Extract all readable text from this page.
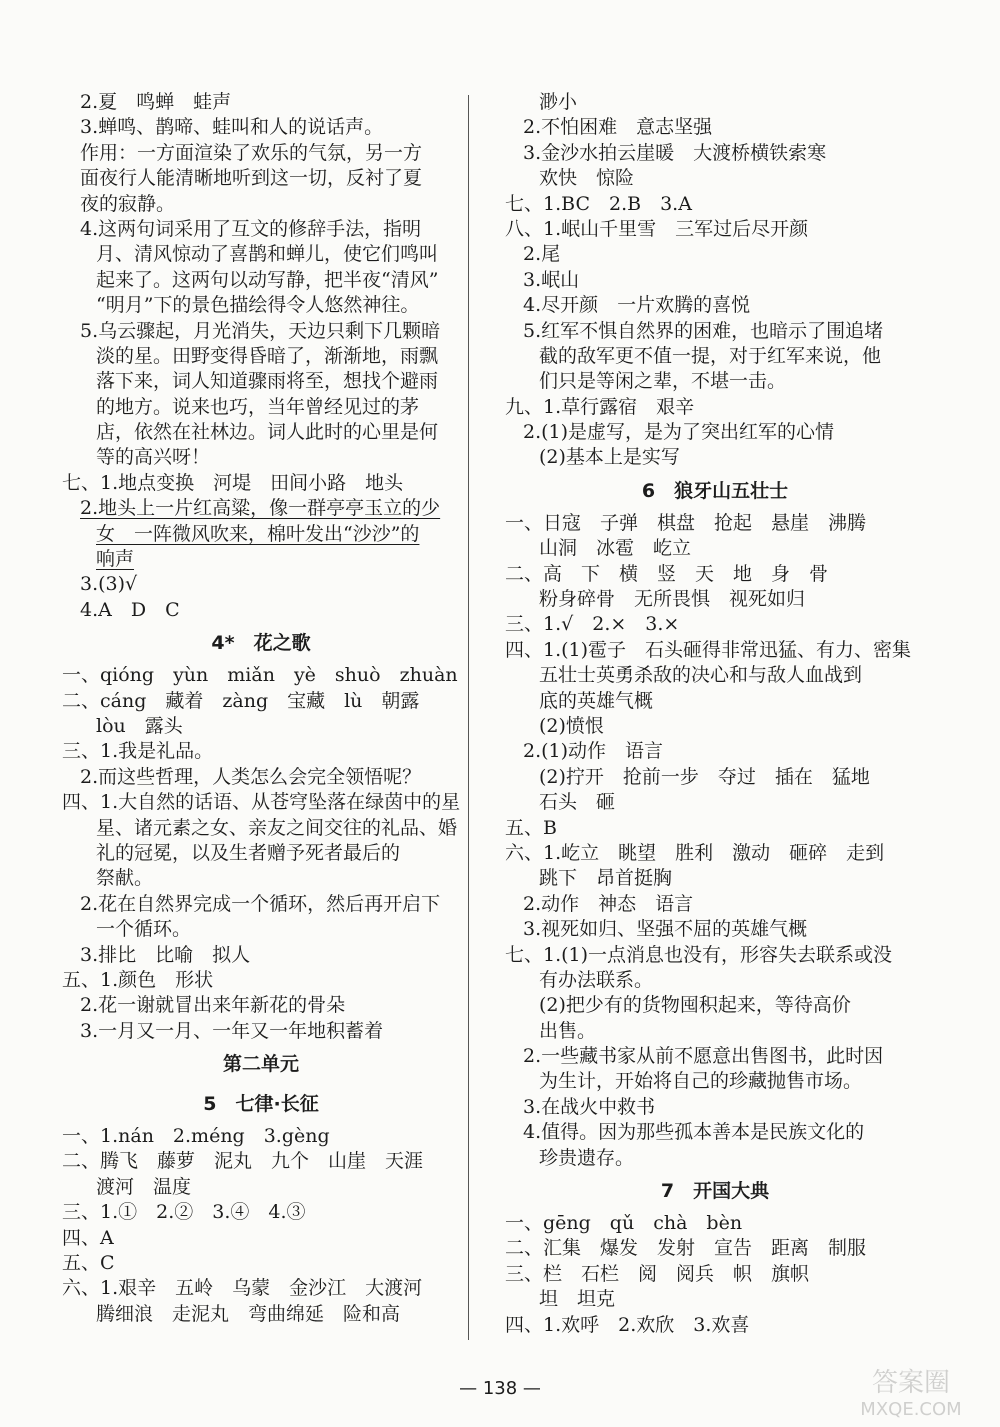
2.夏　鸣蝉　蛙声
3.蝉鸣、鹊啼、蛙叫和人的说话声。
作用：一方面渲染了欢乐的气氛，另一方
面夜行人能清晰地听到这一切，反衬了夏
夜的寂静。
4.这两句词采用了互文的修辞手法，指明
月、清风惊动了喜鹊和蝉儿，使它们鸣叫
起来了。这两句以动写静，把半夜“清风”
“明月”下的景色描绘得令人悠然神往。
5.乌云骤起，月光消失，天边只剩下几颗暗
淡的星。田野变得昏暗了，渐渐地，雨飘
落下来，词人知道骤雨将至，想找个避雨
的地方。说来也巧，当年曾经见过的茅
店，依然在社林边。词人此时的心里是何
等的高兴呀！
七、1.地点变换　河堤　田间小路　地头
2.地头上一片红高粱，像一群亭亭玉立的少
女　一阵微风吹来，棉叶发出“沙沙”的
响声
3.(3)√
4.A　D　C
4*　花之歌
一、qióng　yùn　miǎn　yè　shuò　zhuàn
二、cáng　藏着　zàng　宝藏　lù　朝露
lòu　露头
三、1.我是礼品。
2.而这些哲理，人类怎么会完全领悟呢？
四、1.大自然的话语、从苍穹坠落在绿茵中的星
星、诸元素之女、亲友之间交往的礼品、婚
礼的冠冕，以及生者赠予死者最后的
祭献。
2.花在自然界完成一个循环，然后再开启下
一个循环。
3.排比　比喻　拟人
五、1.颜色　形状
2.花一谢就冒出来年新花的骨朵
3.一月又一月、一年又一年地积蓄着
第二单元
5　七律·长征
一、1.nán　2.méng　3.gèng
二、腾飞　藤萝　泥丸　九个　山崖　天涯
渡河　温度
三、1.①　2.②　3.④　4.③
四、A
五、C
六、1.艰辛　五岭　乌蒙　金沙江　大渡河
腾细浪　走泥丸　弯曲绵延　险和高
渺小
2.不怕困难　意志坚强
3.金沙水拍云崖暖　大渡桥横铁索寒
欢快　惊险
七、1.BC　2.B　3.A
八、1.岷山千里雪　三军过后尽开颜
2.尾
3.岷山
4.尽开颜　一片欢腾的喜悦
5.红军不惧自然界的困难，也暗示了围追堵
截的敌军更不值一提，对于红军来说，他
们只是等闲之辈，不堪一击。
九、1.草行露宿　艰辛
2.(1)是虚写，是为了突出红军的心情
(2)基本上是实写
6　狼牙山五壮士
一、日寇　子弹　棋盘　抢起　悬崖　沸腾
山洞　冰雹　屹立
二、高　下　横　竖　天　地　身　骨
粉身碎骨　无所畏惧　视死如归
三、1.√　2.×　3.×
四、1.(1)雹子　石头砸得非常迅猛、有力、密集
五壮士英勇杀敌的决心和与敌人血战到
底的英雄气概
(2)愤恨
2.(1)动作　语言
(2)拧开　抢前一步　夺过　插在　猛地
石头　砸
五、B
六、1.屹立　眺望　胜利　激动　砸碎　走到
跳下　昂首挺胸
2.动作　神态　语言
3.视死如归、坚强不屈的英雄气概
七、1.(1)一点消息也没有，形容失去联系或没
有办法联系。
(2)把少有的货物囤积起来，等待高价
出售。
2.一些藏书家从前不愿意出售图书，此时因
为生计，开始将自己的珍藏抛售市场。
3.在战火中救书
4.值得。因为那些孤本善本是民族文化的
珍贵遗存。
7　开国大典
一、gēng　qǔ　chà　bèn
二、汇集　爆发　发射　宣告　距离　制服
三、栏　石栏　阅　阅兵　帜　旗帜
坦　坦克
四、1.欢呼　2.欢欣　3.欢喜
— 138 —	答案圈
MXQE.COM
